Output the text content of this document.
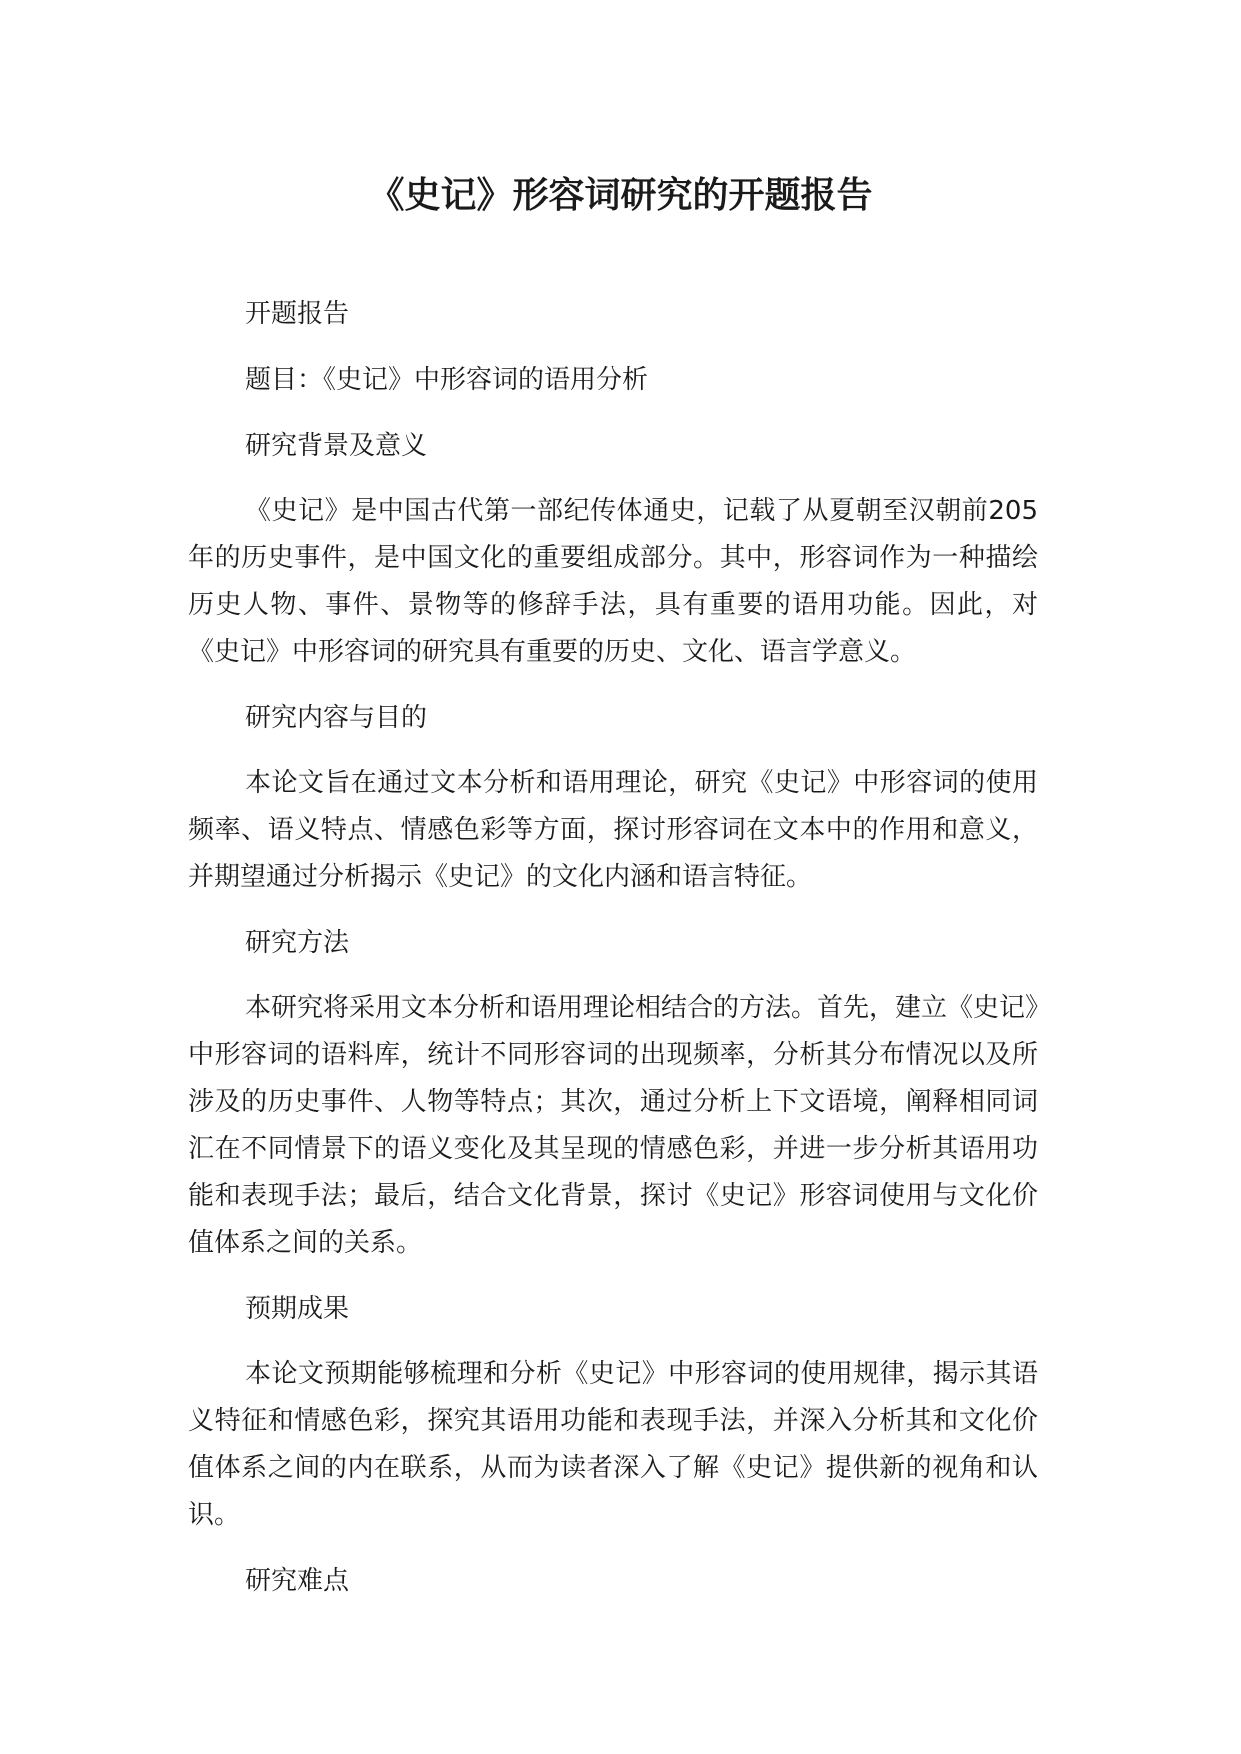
《史记》形容词研究的开题报告

开题报告

题目：《史记》中形容词的语用分析

研究背景及意义

《史记》是中国古代第一部纪传体通史，记载了从夏朝至汉朝前205年的历史事件，是中国文化的重要组成部分。其中，形容词作为一种描绘历史人物、事件、景物等的修辞手法，具有重要的语用功能。因此，对《史记》中形容词的研究具有重要的历史、文化、语言学意义。

研究内容与目的

本论文旨在通过文本分析和语用理论，研究《史记》中形容词的使用频率、语义特点、情感色彩等方面，探讨形容词在文本中的作用和意义，并期望通过分析揭示《史记》的文化内涵和语言特征。

研究方法

本研究将采用文本分析和语用理论相结合的方法。首先，建立《史记》中形容词的语料库，统计不同形容词的出现频率，分析其分布情况以及所涉及的历史事件、人物等特点；其次，通过分析上下文语境，阐释相同词汇在不同情景下的语义变化及其呈现的情感色彩，并进一步分析其语用功能和表现手法；最后，结合文化背景，探讨《史记》形容词使用与文化价值体系之间的关系。

预期成果

本论文预期能够梳理和分析《史记》中形容词的使用规律，揭示其语义特征和情感色彩，探究其语用功能和表现手法，并深入分析其和文化价值体系之间的内在联系，从而为读者深入了解《史记》提供新的视角和认识。

研究难点
